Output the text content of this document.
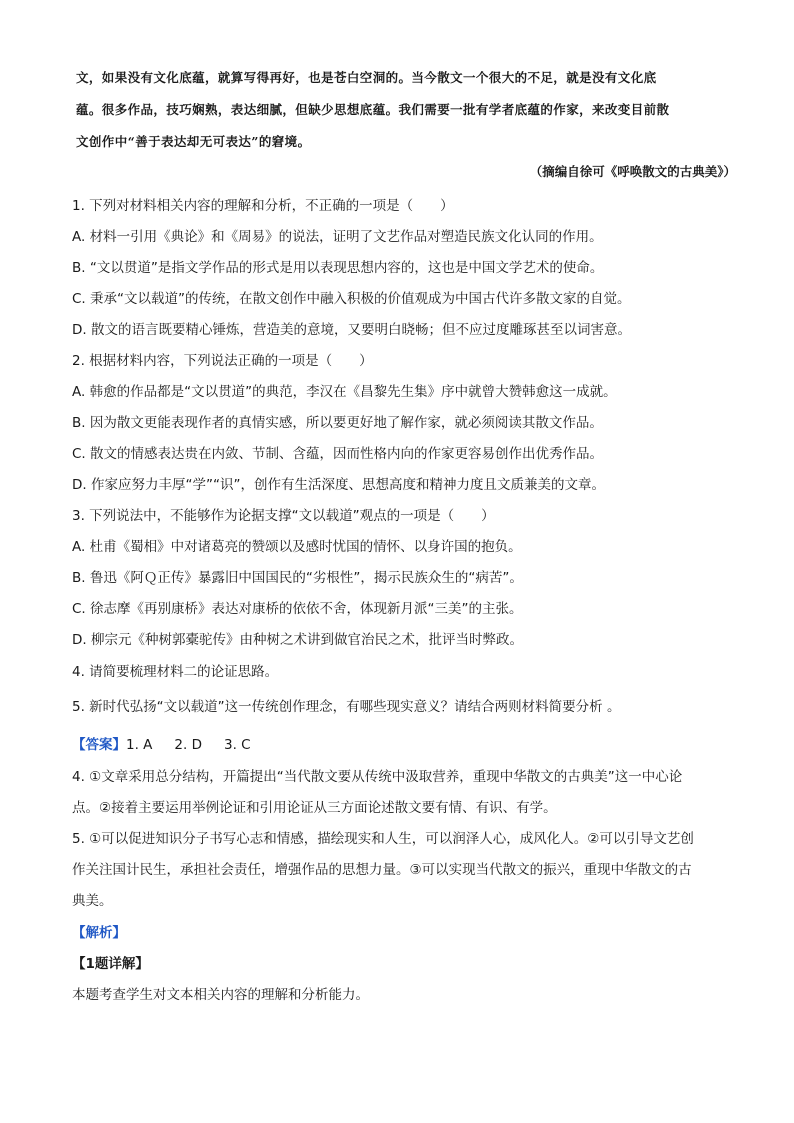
文，如果没有文化底蕴，就算写得再好，也是苍白空洞的。当今散文一个很大的不足，就是没有文化底
蕴。很多作品，技巧娴熟，表达细腻，但缺少思想底蕴。我们需要一批有学者底蕴的作家，来改变目前散
文创作中“善于表达却无可表达”的窘境。
（摘编自徐可《呼唤散文的古典美》）
1. 下列对材料相关内容的理解和分析，不正确的一项是（　　）
A. 材料一引用《典论》和《周易》的说法，证明了文艺作品对塑造民族文化认同的作用。
B. “文以贯道”是指文学作品的形式是用以表现思想内容的，这也是中国文学艺术的使命。
C. 秉承“文以载道”的传统，在散文创作中融入积极的价值观成为中国古代许多散文家的自觉。
D. 散文的语言既要精心锤炼，营造美的意境，又要明白晓畅；但不应过度雕琢甚至以词害意。
2. 根据材料内容，下列说法正确的一项是（　　）
A. 韩愈的作品都是“文以贯道”的典范，李汉在《昌黎先生集》序中就曾大赞韩愈这一成就。
B. 因为散文更能表现作者的真情实感，所以要更好地了解作家，就必须阅读其散文作品。
C. 散文的情感表达贵在内敛、节制、含蕴，因而性格内向的作家更容易创作出优秀作品。
D. 作家应努力丰厚“学”“识”，创作有生活深度、思想高度和精神力度且文质兼美的文章。
3. 下列说法中，不能够作为论据支撑“文以载道”观点的一项是（　　）
A. 杜甫《蜀相》中对诸葛亮的赞颂以及感时忧国的情怀、以身许国的抱负。
B. 鲁迅《阿Ｑ正传》暴露旧中国国民的“劣根性”，揭示民族众生的“病苦”。
C. 徐志摩《再别康桥》表达对康桥的依依不舍，体现新月派“三美”的主张。
D. 柳宗元《种树郭橐驼传》由种树之术讲到做官治民之术，批评当时弊政。
4. 请简要梳理材料二的论证思路。
5. 新时代弘扬“文以载道”这一传统创作理念，有哪些现实意义？请结合两则材料简要分析 。
【答案】1. A 2. D 3. C
4. ①文章采用总分结构，开篇提出“当代散文要从传统中汲取营养，重现中华散文的古典美”这一中心论
点。②接着主要运用举例论证和引用论证从三方面论述散文要有情、有识、有学。
5. ①可以促进知识分子书写心志和情感，描绘现实和人生，可以润泽人心，成风化人。②可以引导文艺创
作关注国计民生，承担社会责任，增强作品的思想力量。③可以实现当代散文的振兴，重现中华散文的古
典美。
【解析】
【1题详解】
本题考查学生对文本相关内容的理解和分析能力。
